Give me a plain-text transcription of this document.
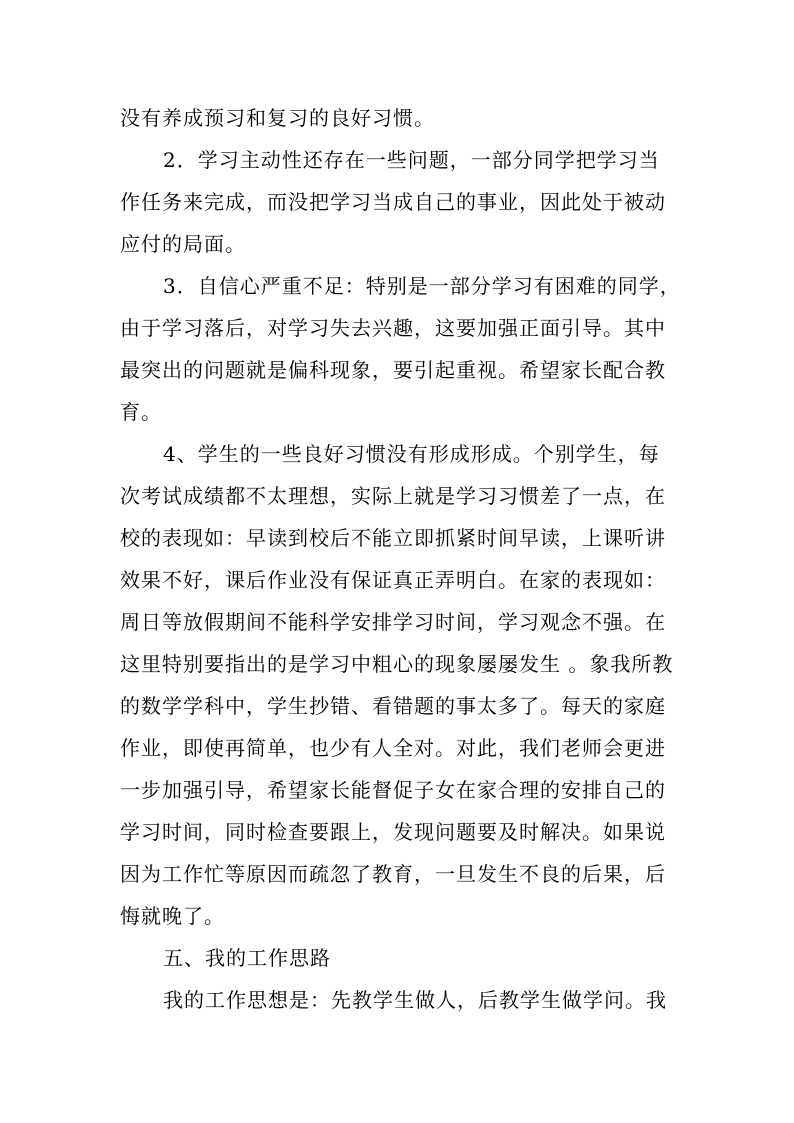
没有养成预习和复习的良好习惯。

2．学习主动性还存在一些问题，一部分同学把学习当

作任务来完成，而没把学习当成自己的事业，因此处于被动

应付的局面。

3．自信心严重不足：特别是一部分学习有困难的同学，

由于学习落后，对学习失去兴趣，这要加强正面引导。其中

最突出的问题就是偏科现象，要引起重视。希望家长配合教

育。

4、学生的一些良好习惯没有形成形成。个别学生，每

次考试成绩都不太理想，实际上就是学习习惯差了一点，在

校的表现如：早读到校后不能立即抓紧时间早读，上课听讲

效果不好，课后作业没有保证真正弄明白。在家的表现如：

周日等放假期间不能科学安排学习时间，学习观念不强。在

这里特别要指出的是学习中粗心的现象屡屡发生 。象我所教

的数学学科中，学生抄错、看错题的事太多了。每天的家庭

作业，即使再简单，也少有人全对。对此，我们老师会更进

一步加强引导，希望家长能督促子女在家合理的安排自己的

学习时间，同时检查要跟上，发现问题要及时解决。如果说

因为工作忙等原因而疏忽了教育，一旦发生不良的后果，后

悔就晚了。

五、我的工作思路

我的工作思想是：先教学生做人，后教学生做学问。我
